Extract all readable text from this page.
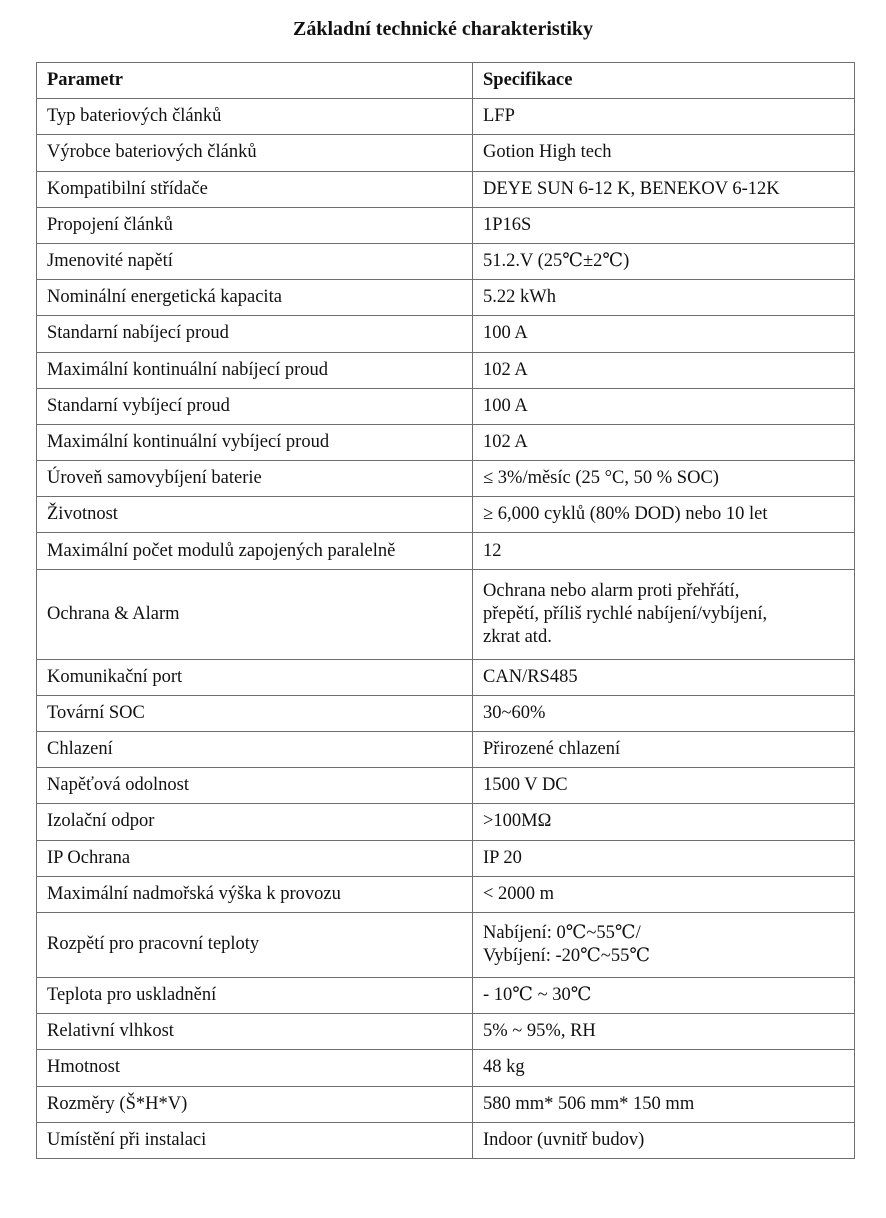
Základní technické charakteristiky
Parametr	Specifikace
Typ bateriových článků	LFP
Výrobce bateriových článků	Gotion High tech
Kompatibilní střídače	DEYE SUN 6-12 K, BENEKOV 6-12K
Propojení článků	1P16S
Jmenovité napětí	51.2.V (25℃±2℃)
Nominální energetická kapacita	5.22 kWh
Standarní nabíjecí proud	100 A
Maximální kontinuální nabíjecí proud	102 A
Standarní vybíjecí proud	100 A
Maximální kontinuální vybíjecí proud	102 A
Úroveň samovybíjení baterie	≤ 3%/měsíc (25 °C, 50 % SOC)
Životnost	≥ 6,000 cyklů (80% DOD) nebo 10 let
Maximální počet modulů zapojených paralelně	12
Ochrana & Alarm	Ochrana nebo alarm proti přehřátí,
přepětí, příliš rychlé nabíjení/vybíjení,
zkrat atd.

Komunikační port	CAN/RS485
Tovární SOC	30~60%
Chlazení	Přirozené chlazení
Napěťová odolnost	1500 V DC
Izolační odpor	>100MΩ
IP Ochrana	IP 20
Maximální nadmořská výška k provozu	< 2000 m
Rozpětí pro pracovní teploty	Nabíjení: 0℃~55℃/
Vybíjení: -20℃~55℃

Teplota pro uskladnění	- 10℃ ~ 30℃
Relativní vlhkost	5% ~ 95%, RH
Hmotnost	48 kg
Rozměry (Š*H*V)	580 mm* 506 mm* 150 mm
Umístění při instalaci	Indoor (uvnitř budov)
